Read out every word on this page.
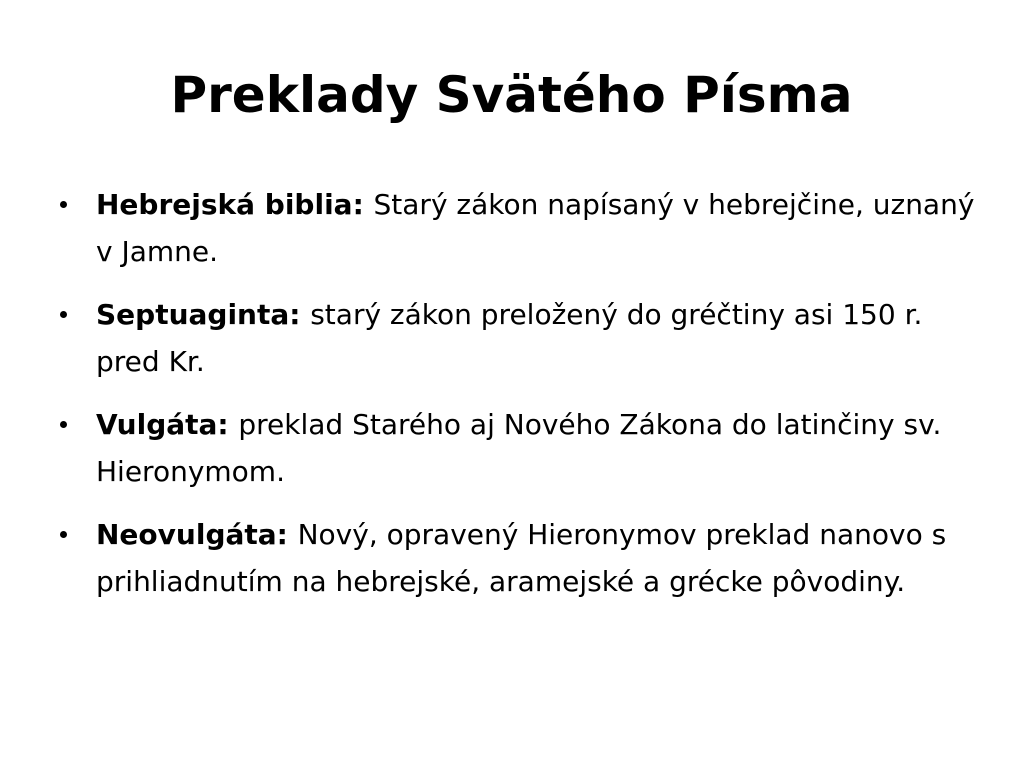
Preklady Svätého Písma
Hebrejská biblia: Starý zákon napísaný v hebrejčine, uznaný v Jamne.
Septuaginta: starý zákon preložený do gréčtiny asi 150 r. pred Kr.
Vulgáta: preklad Starého aj Nového Zákona do latinčiny sv. Hieronymom.
Neovulgáta: Nový, opravený Hieronymov preklad nanovo s prihliadnutím na hebrejské, aramejské a grécke pôvodiny.
